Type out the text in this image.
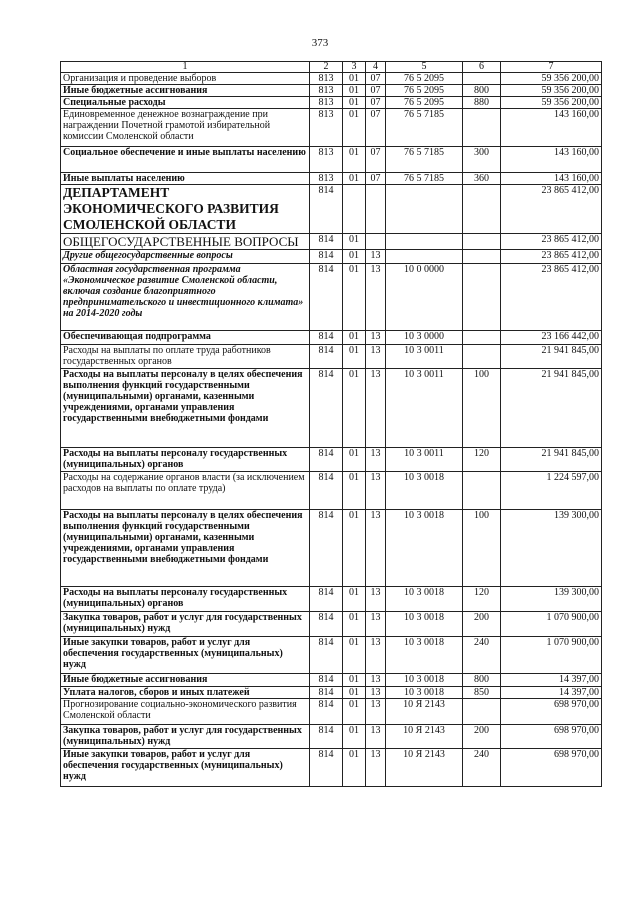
373
1	2	3	4	5	6	7
Организация и проведение выборов	813	01	07	76 5 2095		59 356 200,00
Иные бюджетные ассигнования	813	01	07	76 5 2095	800	59 356 200,00
Специальные расходы	813	01	07	76 5 2095	880	59 356 200,00
Единовременное денежное вознаграждение при награждении Почетной грамотой избирательной комиссии Смоленской области	813	01	07	76 5 7185		143 160,00
Социальное обеспечение и иные выплаты населению	813	01	07	76 5 7185	300	143 160,00
Иные выплаты населению	813	01	07	76 5 7185	360	143 160,00
ДЕПАРТАМЕНТ ЭКОНОМИЧЕСКОГО РАЗВИТИЯ СМОЛЕНСКОЙ ОБЛАСТИ	814					23 865 412,00
ОБЩЕГОСУДАРСТВЕННЫЕ ВОПРОСЫ	814	01				23 865 412,00
Другие общегосударственные вопросы	814	01	13			23 865 412,00
Областная государственная программа «Экономическое развитие Смоленской области, включая создание благоприятного предпринимательского и инвестиционного климата» на 2014-2020 годы	814	01	13	10 0 0000		23 865 412,00
Обеспечивающая подпрограмма	814	01	13	10 3 0000		23 166 442,00
Расходы на выплаты по оплате труда работников государственных органов	814	01	13	10 3 0011		21 941 845,00
Расходы на выплаты персоналу в целях обеспечения выполнения функций государственными (муниципальными) органами, казенными учреждениями, органами управления государственными внебюджетными фондами	814	01	13	10 3 0011	100	21 941 845,00
Расходы на выплаты персоналу государственных (муниципальных) органов	814	01	13	10 3 0011	120	21 941 845,00
Расходы на содержание органов власти (за исключением расходов на выплаты по оплате труда)	814	01	13	10 3 0018		1 224 597,00
Расходы на выплаты персоналу в целях обеспечения выполнения функций государственными (муниципальными) органами, казенными учреждениями, органами управления государственными внебюджетными фондами	814	01	13	10 3 0018	100	139 300,00
Расходы на выплаты персоналу государственных (муниципальных) органов	814	01	13	10 3 0018	120	139 300,00
Закупка товаров, работ и услуг для государственных (муниципальных) нужд	814	01	13	10 3 0018	200	1 070 900,00
Иные закупки товаров, работ и услуг для обеспечения государственных (муниципальных) нужд	814	01	13	10 3 0018	240	1 070 900,00
Иные бюджетные ассигнования	814	01	13	10 3 0018	800	14 397,00
Уплата налогов, сборов и иных платежей	814	01	13	10 3 0018	850	14 397,00
Прогнозирование социально-экономического развития Смоленской области	814	01	13	10 Я 2143		698 970,00
Закупка товаров, работ и услуг для государственных (муниципальных) нужд	814	01	13	10 Я 2143	200	698 970,00
Иные закупки товаров, работ и услуг для обеспечения государственных (муниципальных) нужд	814	01	13	10 Я 2143	240	698 970,00
